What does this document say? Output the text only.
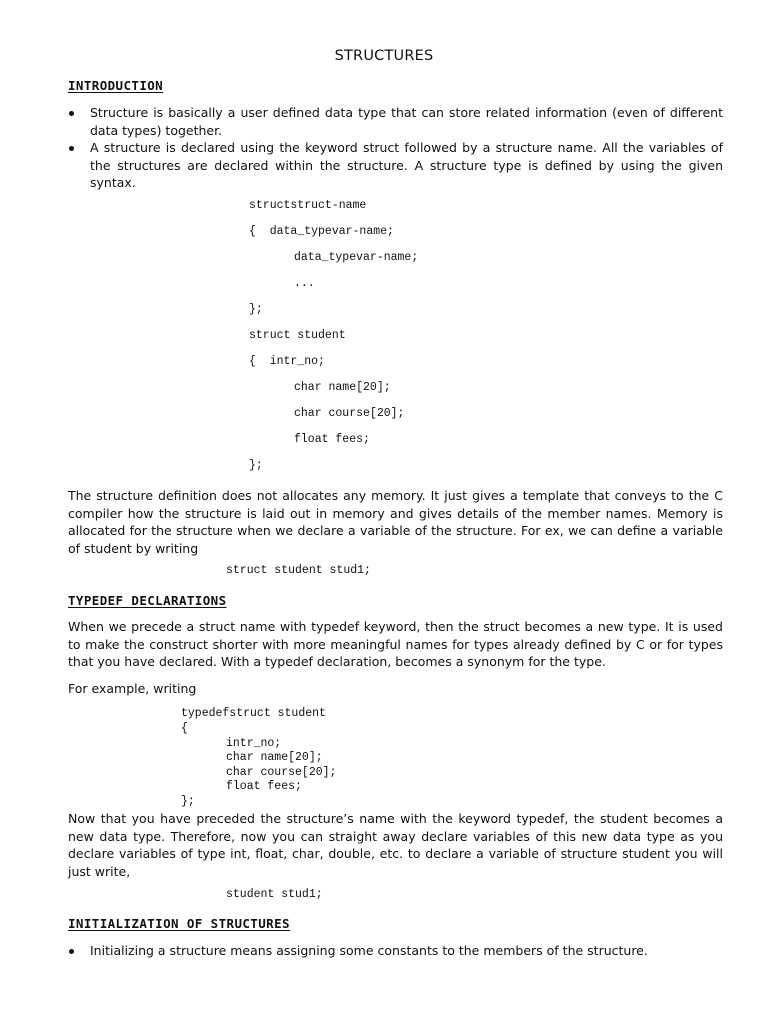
STRUCTURES
INTRODUCTION
Structure is basically a user defined data type that can store related information (even of different data types) together.
A structure is declared using the keyword struct followed by a structure name. All the variables of the structures are declared within the structure. A structure type is defined by using the given syntax.
structstruct-name
{  data_typevar-name;
data_typevar-name;
...
};
struct student
{  intr_no;
char name[20];
char course[20];
float fees;
};

The structure definition does not allocates any memory. It just gives a template that conveys to the C compiler how the structure is laid out in memory and gives details of the member names. Memory is allocated for the structure when we declare a variable of the structure. For ex, we can define a variable of student by writing

struct student stud1;
TYPEDEF DECLARATIONS

When we precede a struct name with typedef keyword, then the struct becomes a new type. It is used to make the construct shorter with more meaningful names for types already defined by C or for types that you have declared. With a typedef declaration, becomes a synonym for the type.

For example, writing

typedefstruct student
{
intr_no;
char name[20];
char course[20];
float fees;
};

Now that you have preceded the structure’s name with the keyword typedef, the student becomes a new data type. Therefore, now you can straight away declare variables of this new data type as you declare variables of type int, float, char, double, etc. to declare a variable of structure student you will just write,

student stud1;
INITIALIZATION OF STRUCTURES
Initializing a structure means assigning some constants to the members of the structure.
